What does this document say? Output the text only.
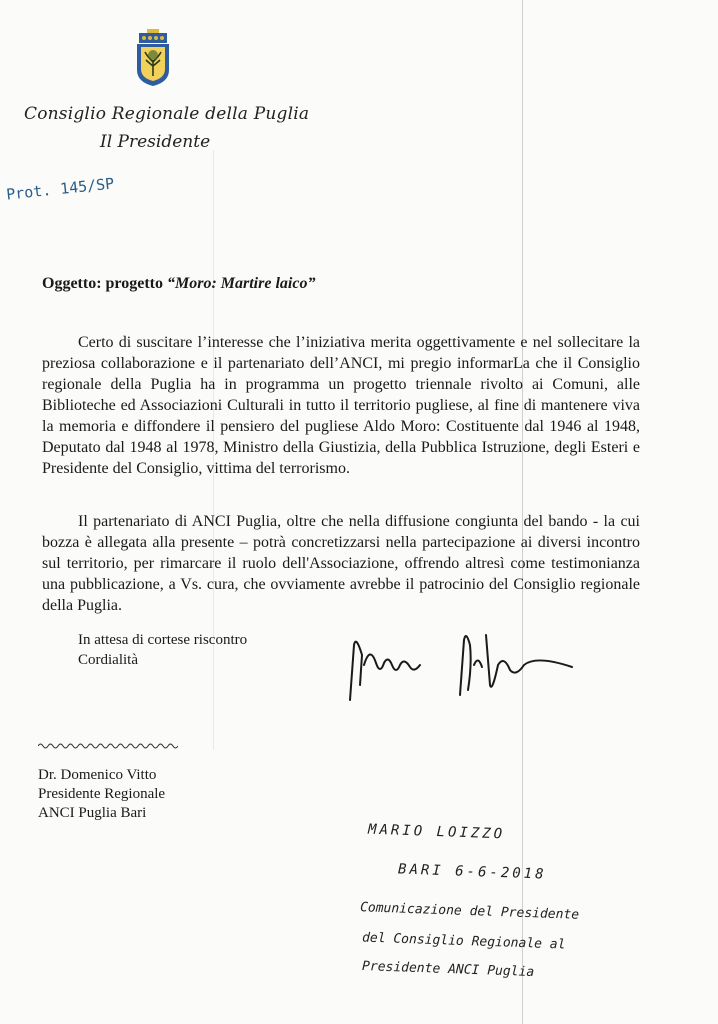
Consiglio Regionale della Puglia
Il Presidente
Prot. 145/SP
Oggetto: progetto “Moro: Martire laico”

Certo di suscitare l’interesse che l’iniziativa merita oggettivamente e nel sollecitare la preziosa collaborazione e il partenariato dell’ANCI, mi pregio informarLa che il Consiglio regionale della Puglia ha in programma un progetto triennale rivolto ai Comuni, alle Biblioteche ed Associazioni Culturali in tutto il territorio pugliese, al fine di mantenere viva la memoria e diffondere il pensiero del pugliese Aldo Moro: Costituente dal 1946 al 1948, Deputato dal 1948 al 1978, Ministro della Giustizia, della Pubblica Istruzione, degli Esteri e Presidente del Consiglio, vittima del terrorismo.

Il partenariato di ANCI Puglia, oltre che nella diffusione congiunta del bando - la cui bozza è allegata alla presente – potrà concretizzarsi nella partecipazione ai diversi incontro sul territorio, per rimarcare il ruolo dell'Associazione, offrendo altresì come testimonianza una pubblicazione, a Vs. cura, che ovviamente avrebbe il patrocinio del Consiglio regionale della Puglia.

In attesa di cortese riscontro
Cordialità
Dr. Domenico Vitto
Presidente Regionale
ANCI Puglia Bari
MARIO LOIZZO
BARI 6-6-2018
Comunicazione del Presidente
del Consiglio Regionale al
Presidente ANCI Puglia
